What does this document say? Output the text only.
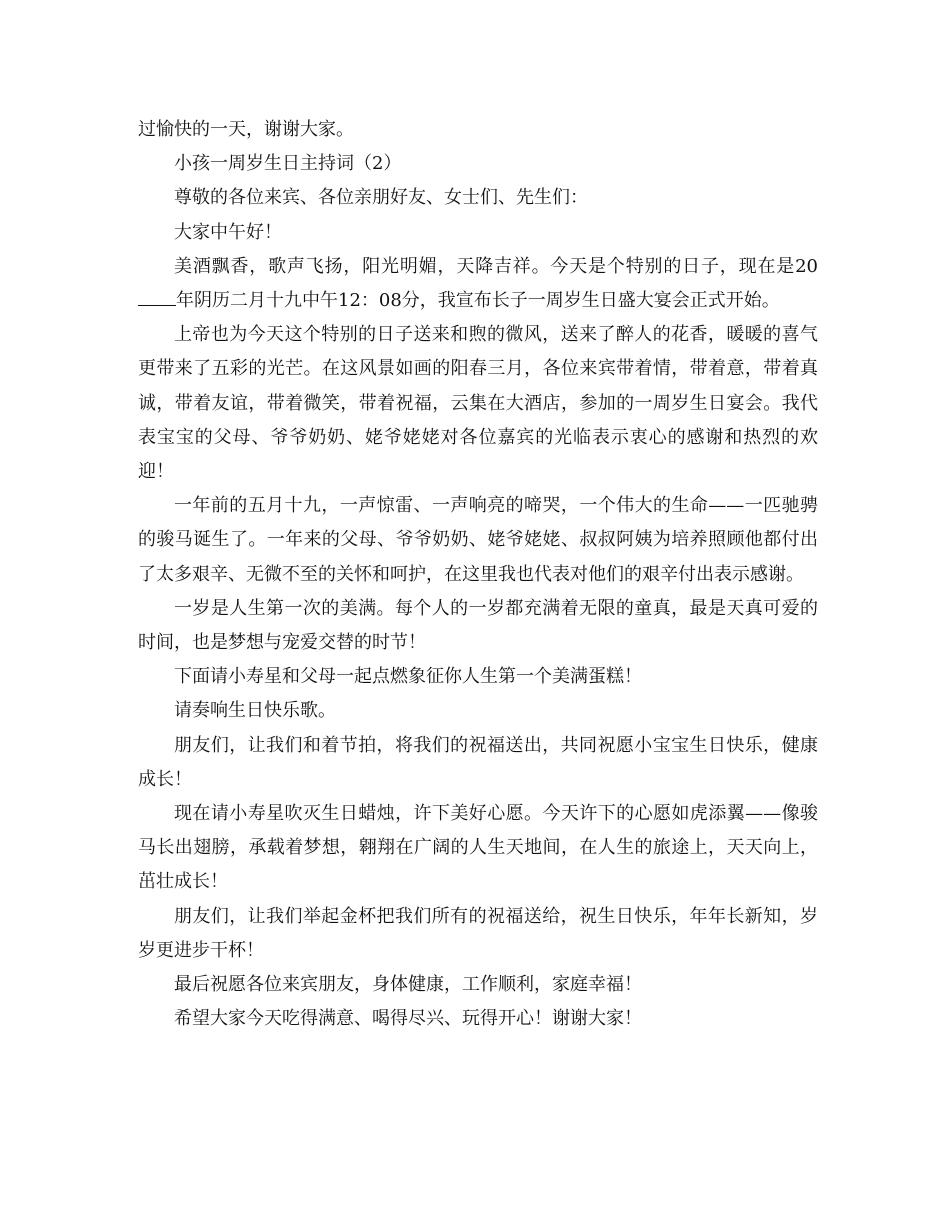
过愉快的一天，谢谢大家。

小孩一周岁生日主持词（2）

尊敬的各位来宾、各位亲朋好友、女士们、先生们：

大家中午好！

美酒飘香，歌声飞扬，阳光明媚，天降吉祥。今天是个特别的日子，现在是20年阴历二月十九中午12：08分，我宣布长子一周岁生日盛大宴会正式开始。

上帝也为今天这个特别的日子送来和煦的微风，送来了醉人的花香，暖暖的喜气更带来了五彩的光芒。在这风景如画的阳春三月，各位来宾带着情，带着意，带着真诚，带着友谊，带着微笑，带着祝福，云集在大酒店，参加的一周岁生日宴会。我代表宝宝的父母、爷爷奶奶、姥爷姥姥对各位嘉宾的光临表示衷心的感谢和热烈的欢迎！

一年前的五月十九，一声惊雷、一声响亮的啼哭，一个伟大的生命——一匹驰骋的骏马诞生了。一年来的父母、爷爷奶奶、姥爷姥姥、叔叔阿姨为培养照顾他都付出了太多艰辛、无微不至的关怀和呵护，在这里我也代表对他们的艰辛付出表示感谢。

一岁是人生第一次的美满。每个人的一岁都充满着无限的童真，最是天真可爱的时间，也是梦想与宠爱交替的时节！

下面请小寿星和父母一起点燃象征你人生第一个美满蛋糕！

请奏响生日快乐歌。

朋友们，让我们和着节拍，将我们的祝福送出，共同祝愿小宝宝生日快乐，健康成长！

现在请小寿星吹灭生日蜡烛，许下美好心愿。今天许下的心愿如虎添翼——像骏马长出翅膀，承载着梦想，翱翔在广阔的人生天地间，在人生的旅途上，天天向上，茁壮成长！

朋友们，让我们举起金杯把我们所有的祝福送给，祝生日快乐，年年长新知，岁岁更进步干杯！

最后祝愿各位来宾朋友，身体健康，工作顺利，家庭幸福！

希望大家今天吃得满意、喝得尽兴、玩得开心！谢谢大家！
